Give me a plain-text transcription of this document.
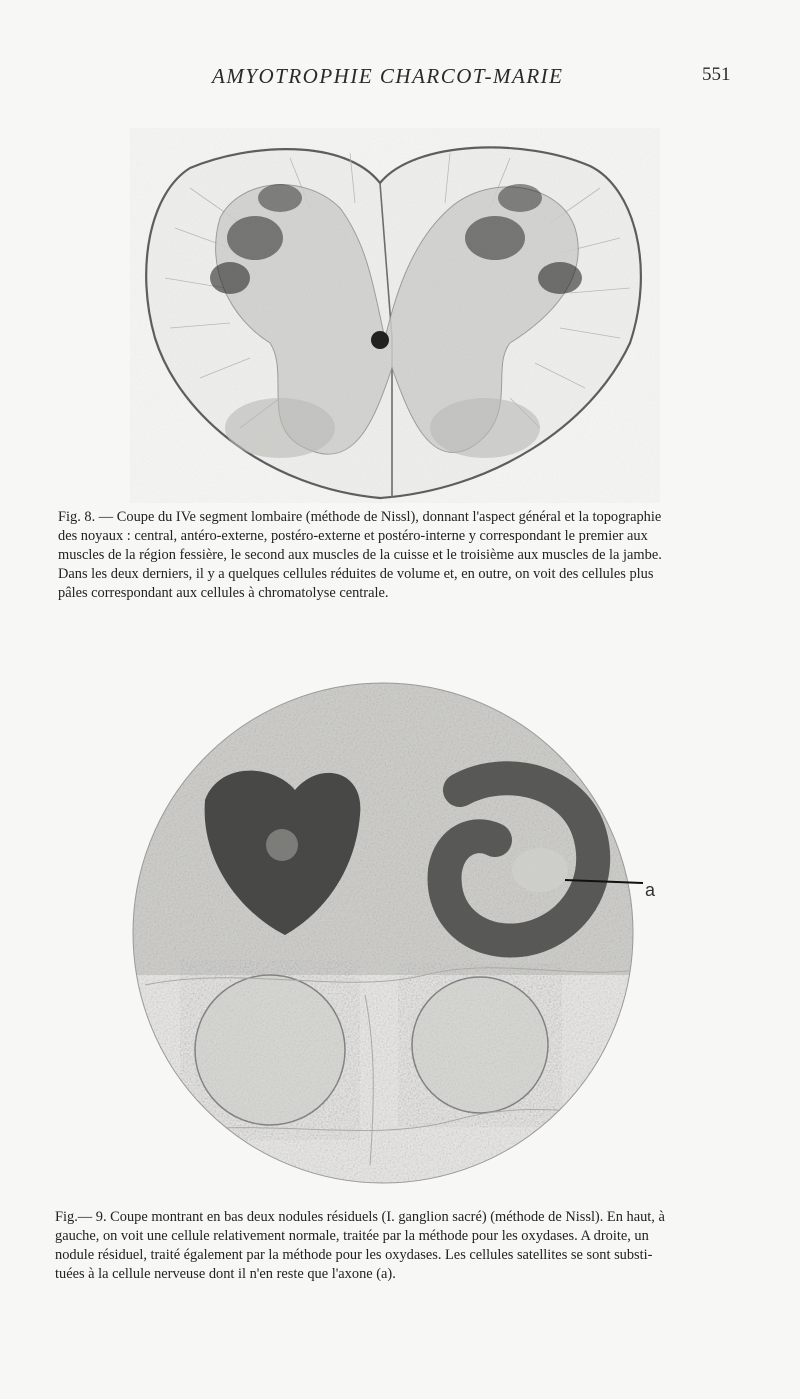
AMYOTROPHIE CHARCOT-MARIE	551

Fig. 8. — Coupe du IVe segment lombaire (méthode de Nissl), donnant l'aspect général et la topographie

des noyaux : central, antéro-externe, postéro-externe et postéro-interne y correspondant le premier aux

muscles de la région fessière, le second aux muscles de la cuisse et le troisième aux muscles de la jambe.

Dans les deux derniers, il y a quelques cellules réduites de volume et, en outre, on voit des cellules plus

pâles correspondant aux cellules à chromatolyse centrale.

a

Fig.— 9. Coupe montrant en bas deux nodules résiduels (I. ganglion sacré) (méthode de Nissl). En haut, à

gauche, on voit une cellule relativement normale, traitée par la méthode pour les oxydases. A droite, un

nodule résiduel, traité également par la méthode pour les oxydases. Les cellules satellites se sont substi-

tuées à la cellule nerveuse dont il n'en reste que l'axone (a).
